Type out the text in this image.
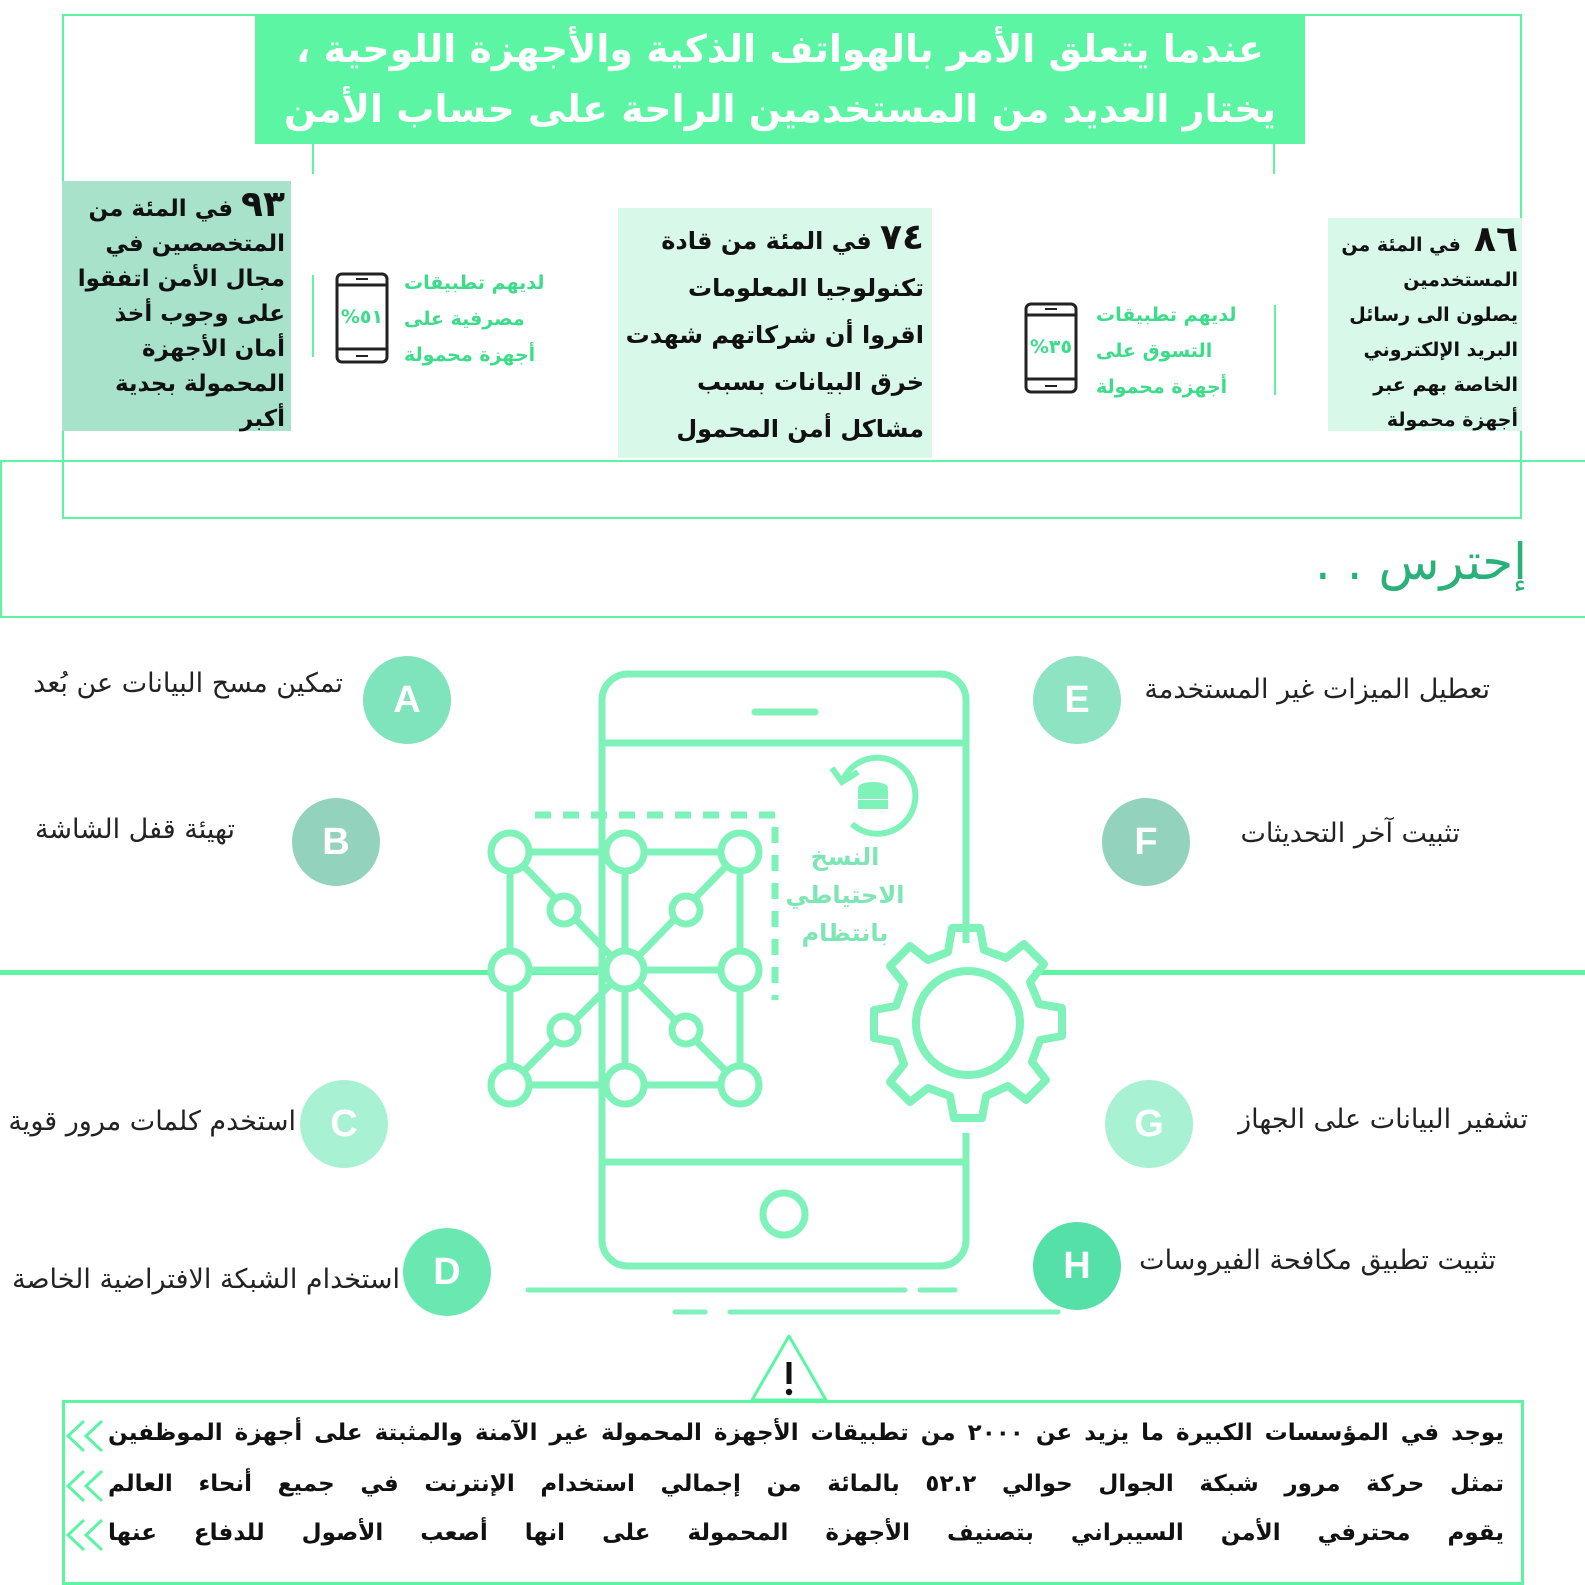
عندما يتعلق الأمر بالهواتف الذكية والأجهزة اللوحية ،
يختار العديد من المستخدمين الراحة على حساب الأمن
٨٦  في المئة من
المستخدمين
يصلون الى رسائل
البريد الإلكتروني
الخاصة بهم عبر
أجهزة محمولة
لديهم تطبيقات
التسوق على
أجهزة محمولة
٣٥%
٧٤ في المئة من قادة
تكنولوجيا المعلومات
اقروا أن شركاتهم شهدت
خرق البيانات بسبب
مشاكل أمن المحمول
لديهم تطبيقات
مصرفية على
أجهزة محمولة
٥١%
٩٣ في المئة من
المتخصصين في
مجال الأمن اتفقوا
على وجوب أخذ
أمان الأجهزة
المحمولة بجدية
أكبر
إحترس . .
النسخ
الاحتياطي
بانتظام
A
تمكين مسح البيانات عن بُعد
B
تهيئة قفل الشاشة
C
استخدم كلمات مرور قوية
D
استخدام الشبكة الافتراضية الخاصة
E	تعطيل الميزات غير المستخدمة
F	تثبيت آخر التحديثات
G	تشفير البيانات على الجهاز
H	تثبيت تطبيق مكافحة الفيروسات
يوجد في المؤسسات الكبيرة ما يزيد عن ٢٠٠٠ من تطبيقات الأجهزة المحمولة غير الآمنة والمثبتة على أجهزة الموظفين
تمثل حركة مرور شبكة الجوال حوالي ٥٢.٢ بالمائة من إجمالي استخدام الإنترنت في جميع أنحاء العالم
يقوم محترفي الأمن السيبراني بتصنيف الأجهزة المحمولة على انها أصعب الأصول للدفاع عنها
